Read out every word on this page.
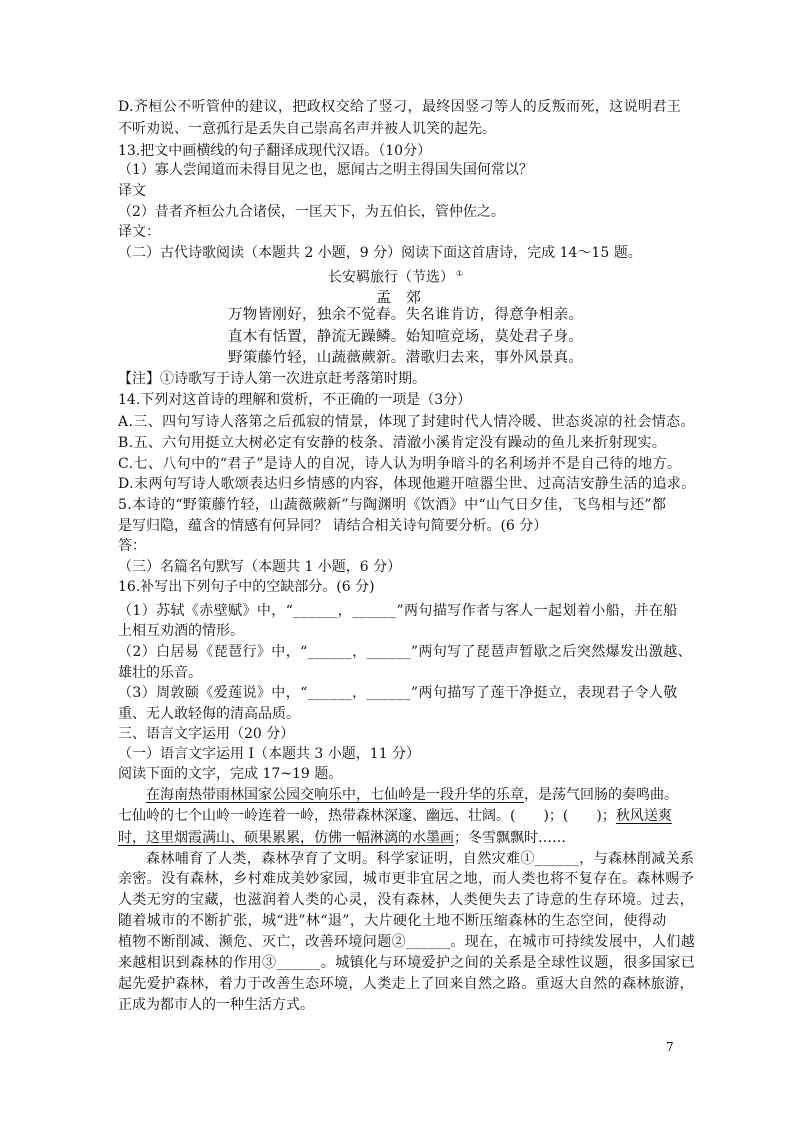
D.齐桓公不听管仲的建议，把政权交给了竖刁，最终因竖刁等人的反叛而死，这说明君王
不听劝说、一意孤行是丢失自己崇高名声并被人讥笑的起先。
13.把文中画横线的句子翻译成现代汉语。（10分）
（1）寡人尝闻道而未得目见之也，愿闻古之明主得国失国何常以？
译文
（2）昔者齐桓公九合诸侯，一匡天下，为五伯长，管仲佐之。
译文：
（二）古代诗歌阅读（本题共 2 小题，9 分）阅读下面这首唐诗，完成 14～15 题。
长安羁旅行（节选） ①
孟　郊
万物皆刚好，独余不觉春。失名谁肯访，得意争相亲。
直木有恬置，静流无躁鳞。始知喧竞场，莫处君子身。
野策藤竹轻，山蔬薇蕨新。潜歌归去来，事外风景真。
【注】①诗歌写于诗人第一次进京赶考落第时期。
14.下列对这首诗的理解和赏析，不正确的一项是（3分）
A.三、四句写诗人落第之后孤寂的情景，体现了封建时代人情冷暖、世态炎凉的社会情态。
B.五、六句用挺立大树必定有安静的枝条、清澈小溪肯定没有躁动的鱼儿来折射现实。
C.七、八句中的“君子”是诗人的自况，诗人认为明争暗斗的名利场并不是自己待的地方。
D.末两句写诗人歌颂表达归乡情感的内容，体现他避开喧嚣尘世、过高洁安静生活的追求。
5.本诗的“野策藤竹轻，山蔬薇蕨新”与陶渊明《饮酒》中“山气日夕佳，飞鸟相与还”都
是写归隐，蕴含的情感有何异同？ 请结合相关诗句简要分析。(6 分）
答：
（三）名篇名句默写（本题共 1 小题，6 分）
16.补写出下列句子中的空缺部分。(6 分)
（1）苏轼《赤壁赋》中，“______，______”两句描写作者与客人一起划着小船，并在船
上相互劝酒的情形。
（2）白居易《琵琶行》中，“______，______”两句写了琵琶声暂歇之后突然爆发出激越、
雄壮的乐音。
（3）周敦颐《爱莲说》中，“______，______”两句描写了莲干净挺立，表现君子令人敬
重、无人敢轻侮的清高品质。
三、语言文字运用（20 分）
（一）语言文字运用 I（本题共 3 小题，11 分）
阅读下面的文字，完成 17~19 题。
在海南热带雨林国家公园交响乐中，七仙岭是一段升华的乐章，是荡气回肠的奏鸣曲。
七仙岭的七个山岭一岭连着一岭，热带森林深邃、幽远、壮阔。(　　)；(　　)；秋风送爽
时，这里烟霞满山、硕果累累，仿佛一幅淋漓的水墨画；冬雪飘飘时……
森林哺育了人类，森林孕育了文明。科学家证明，自然灾难①______，与森林削减关系
亲密。没有森林，乡村难成美妙家园，城市更非宜居之地，而人类也将不复存在。森林赐予
人类无穷的宝藏，也滋润着人类的心灵，没有森林，人类便失去了诗意的生存环境。过去，
随着城市的不断扩张，城“进”林“退”，大片硬化土地不断压缩森林的生态空间，使得动
植物不断削减、濒危、灭亡，改善环境问题②______。现在，在城市可持续发展中，人们越
来越相识到森林的作用③______。城镇化与环境爱护之间的关系是全球性议题，很多国家已
起先爱护森林，着力于改善生态环境，人类走上了回来自然之路。重返大自然的森林旅游，
正成为都市人的一种生活方式。
7
